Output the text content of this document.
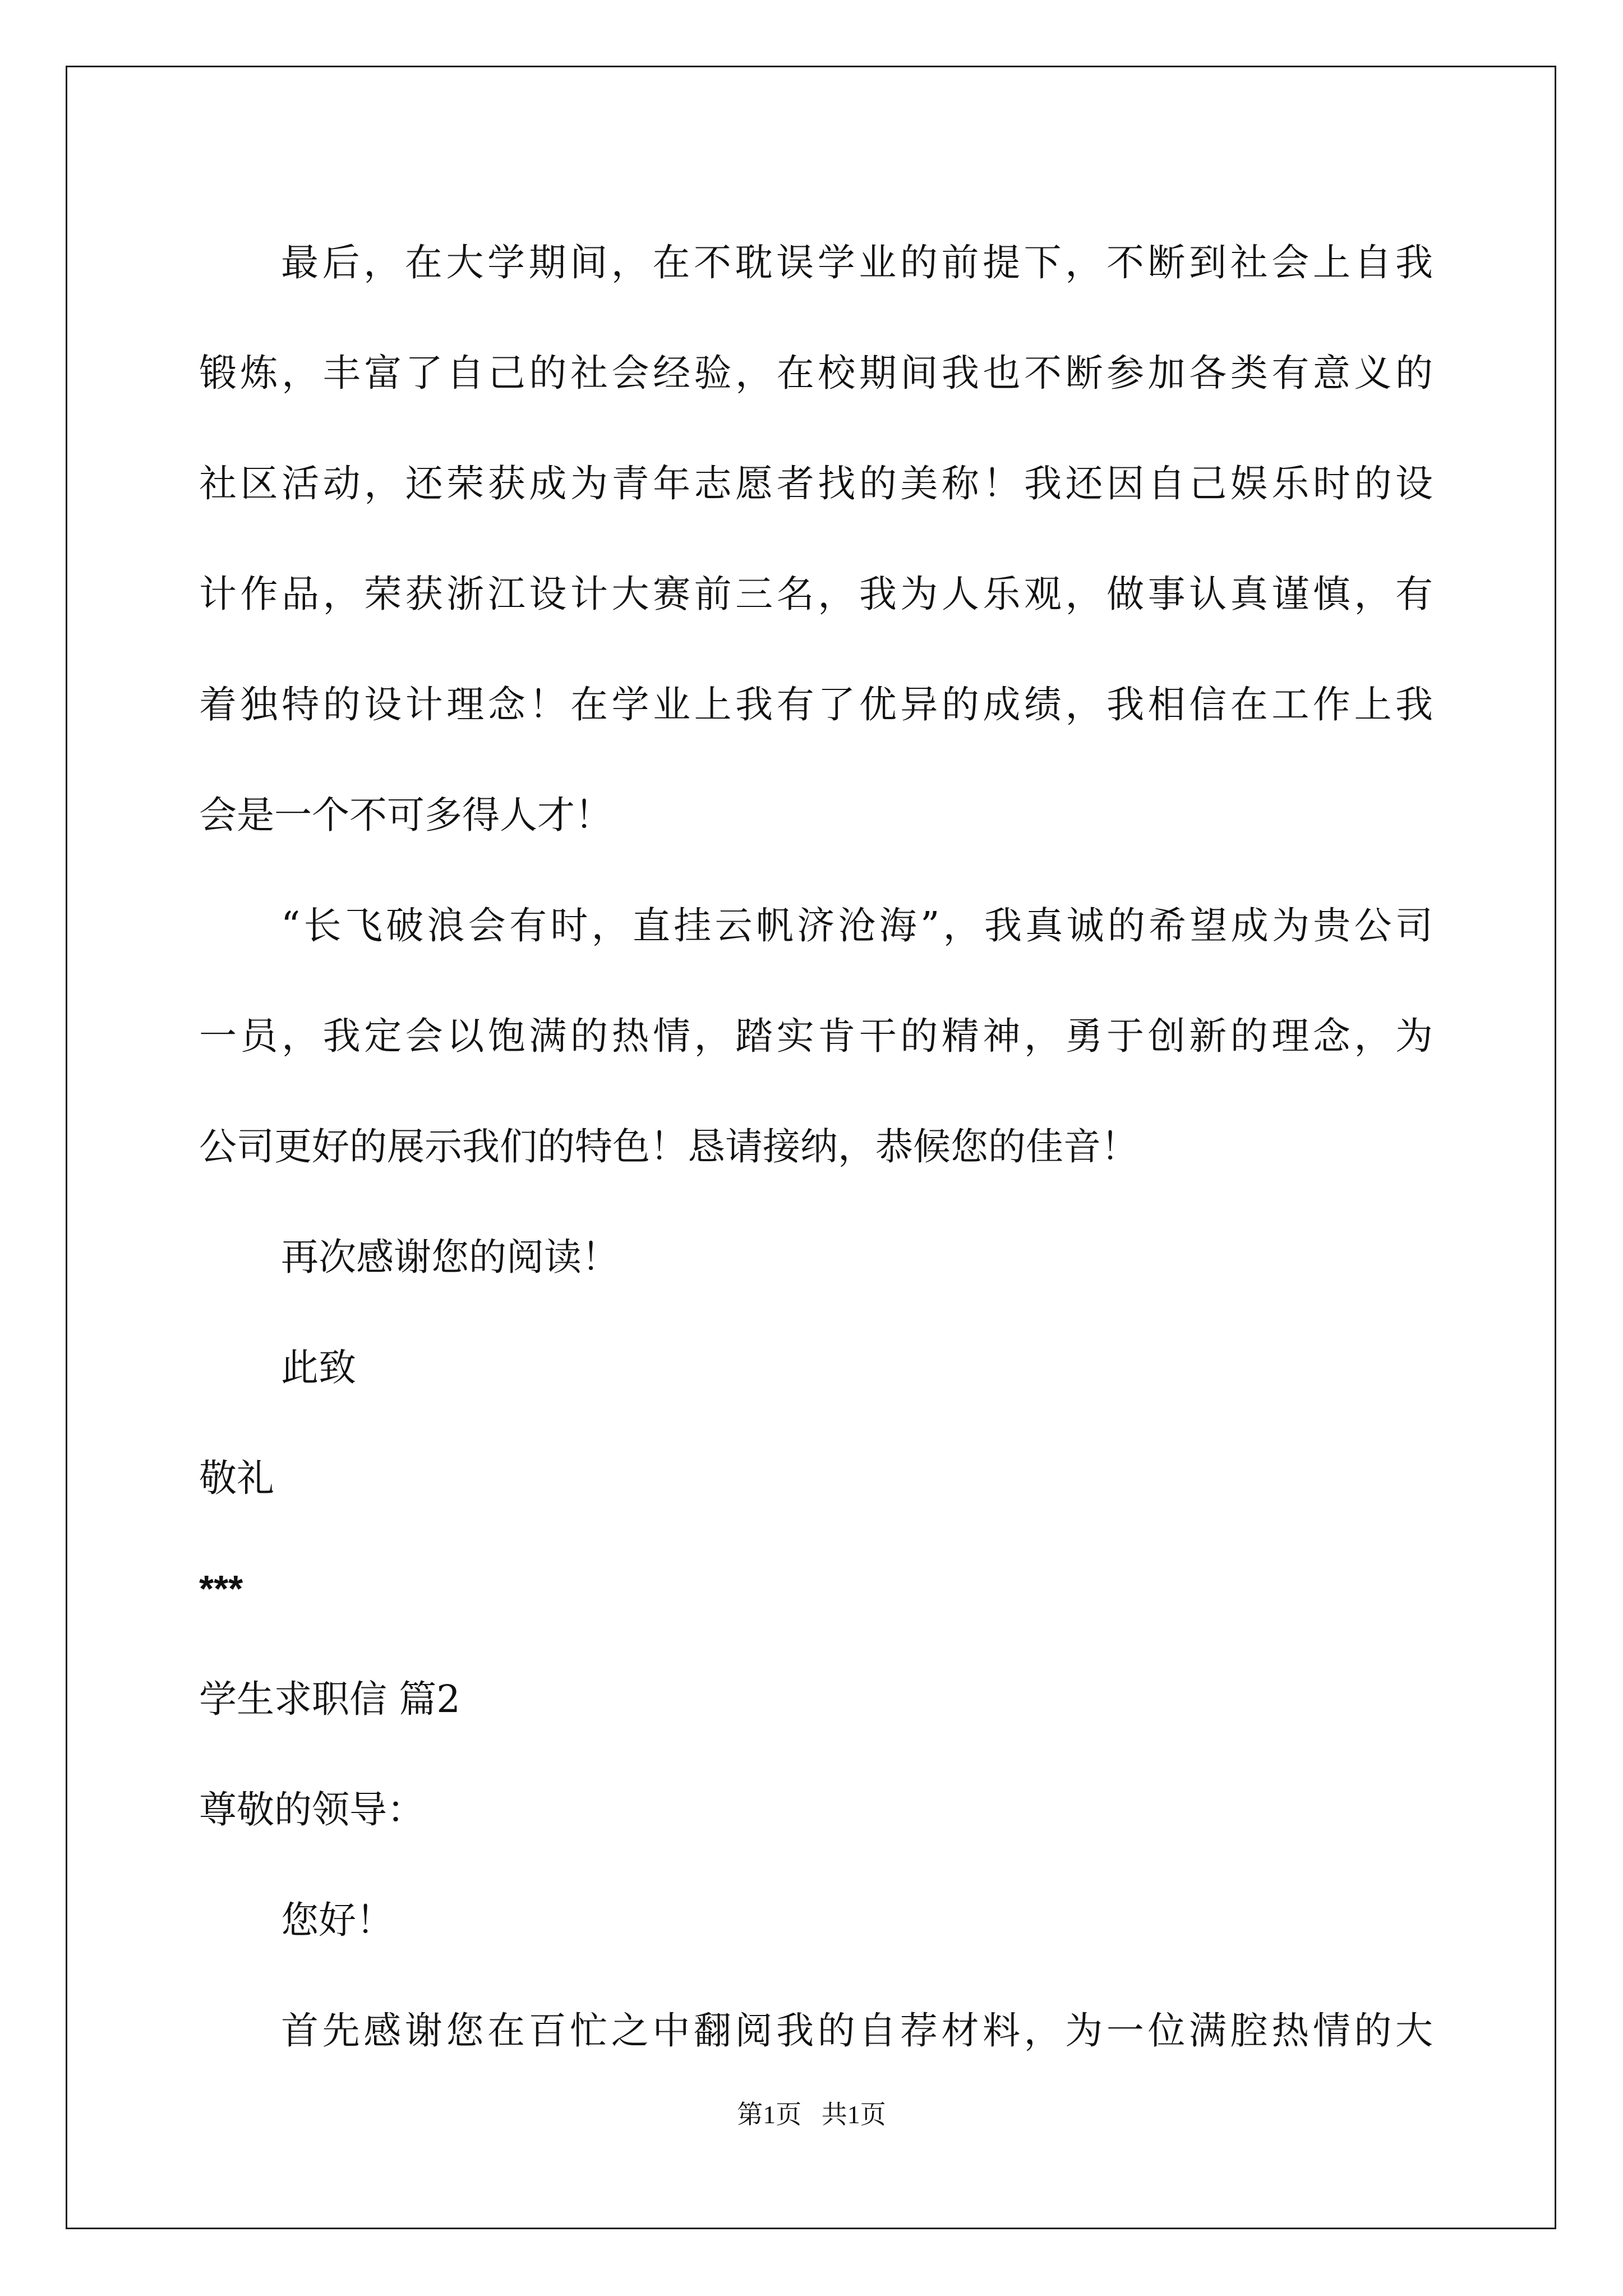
最后，在大学期间，在不耽误学业的前提下，不断到社会上自我
锻炼，丰富了自己的社会经验，在校期间我也不断参加各类有意义的
社区活动，还荣获成为青年志愿者找的美称！我还因自己娱乐时的设
计作品，荣获浙江设计大赛前三名，我为人乐观，做事认真谨慎，有
着独特的设计理念！在学业上我有了优异的成绩，我相信在工作上我
会是一个不可多得人才！
“长飞破浪会有时，直挂云帆济沧海”，我真诚的希望成为贵公司
一员，我定会以饱满的热情，踏实肯干的精神，勇于创新的理念，为
公司更好的展示我们的特色！恳请接纳，恭候您的佳音！
再次感谢您的阅读！
此致
敬礼
***
学生求职信 篇2
尊敬的领导：
您好！
首先感谢您在百忙之中翻阅我的自荐材料，为一位满腔热情的大
第1页 共1页
